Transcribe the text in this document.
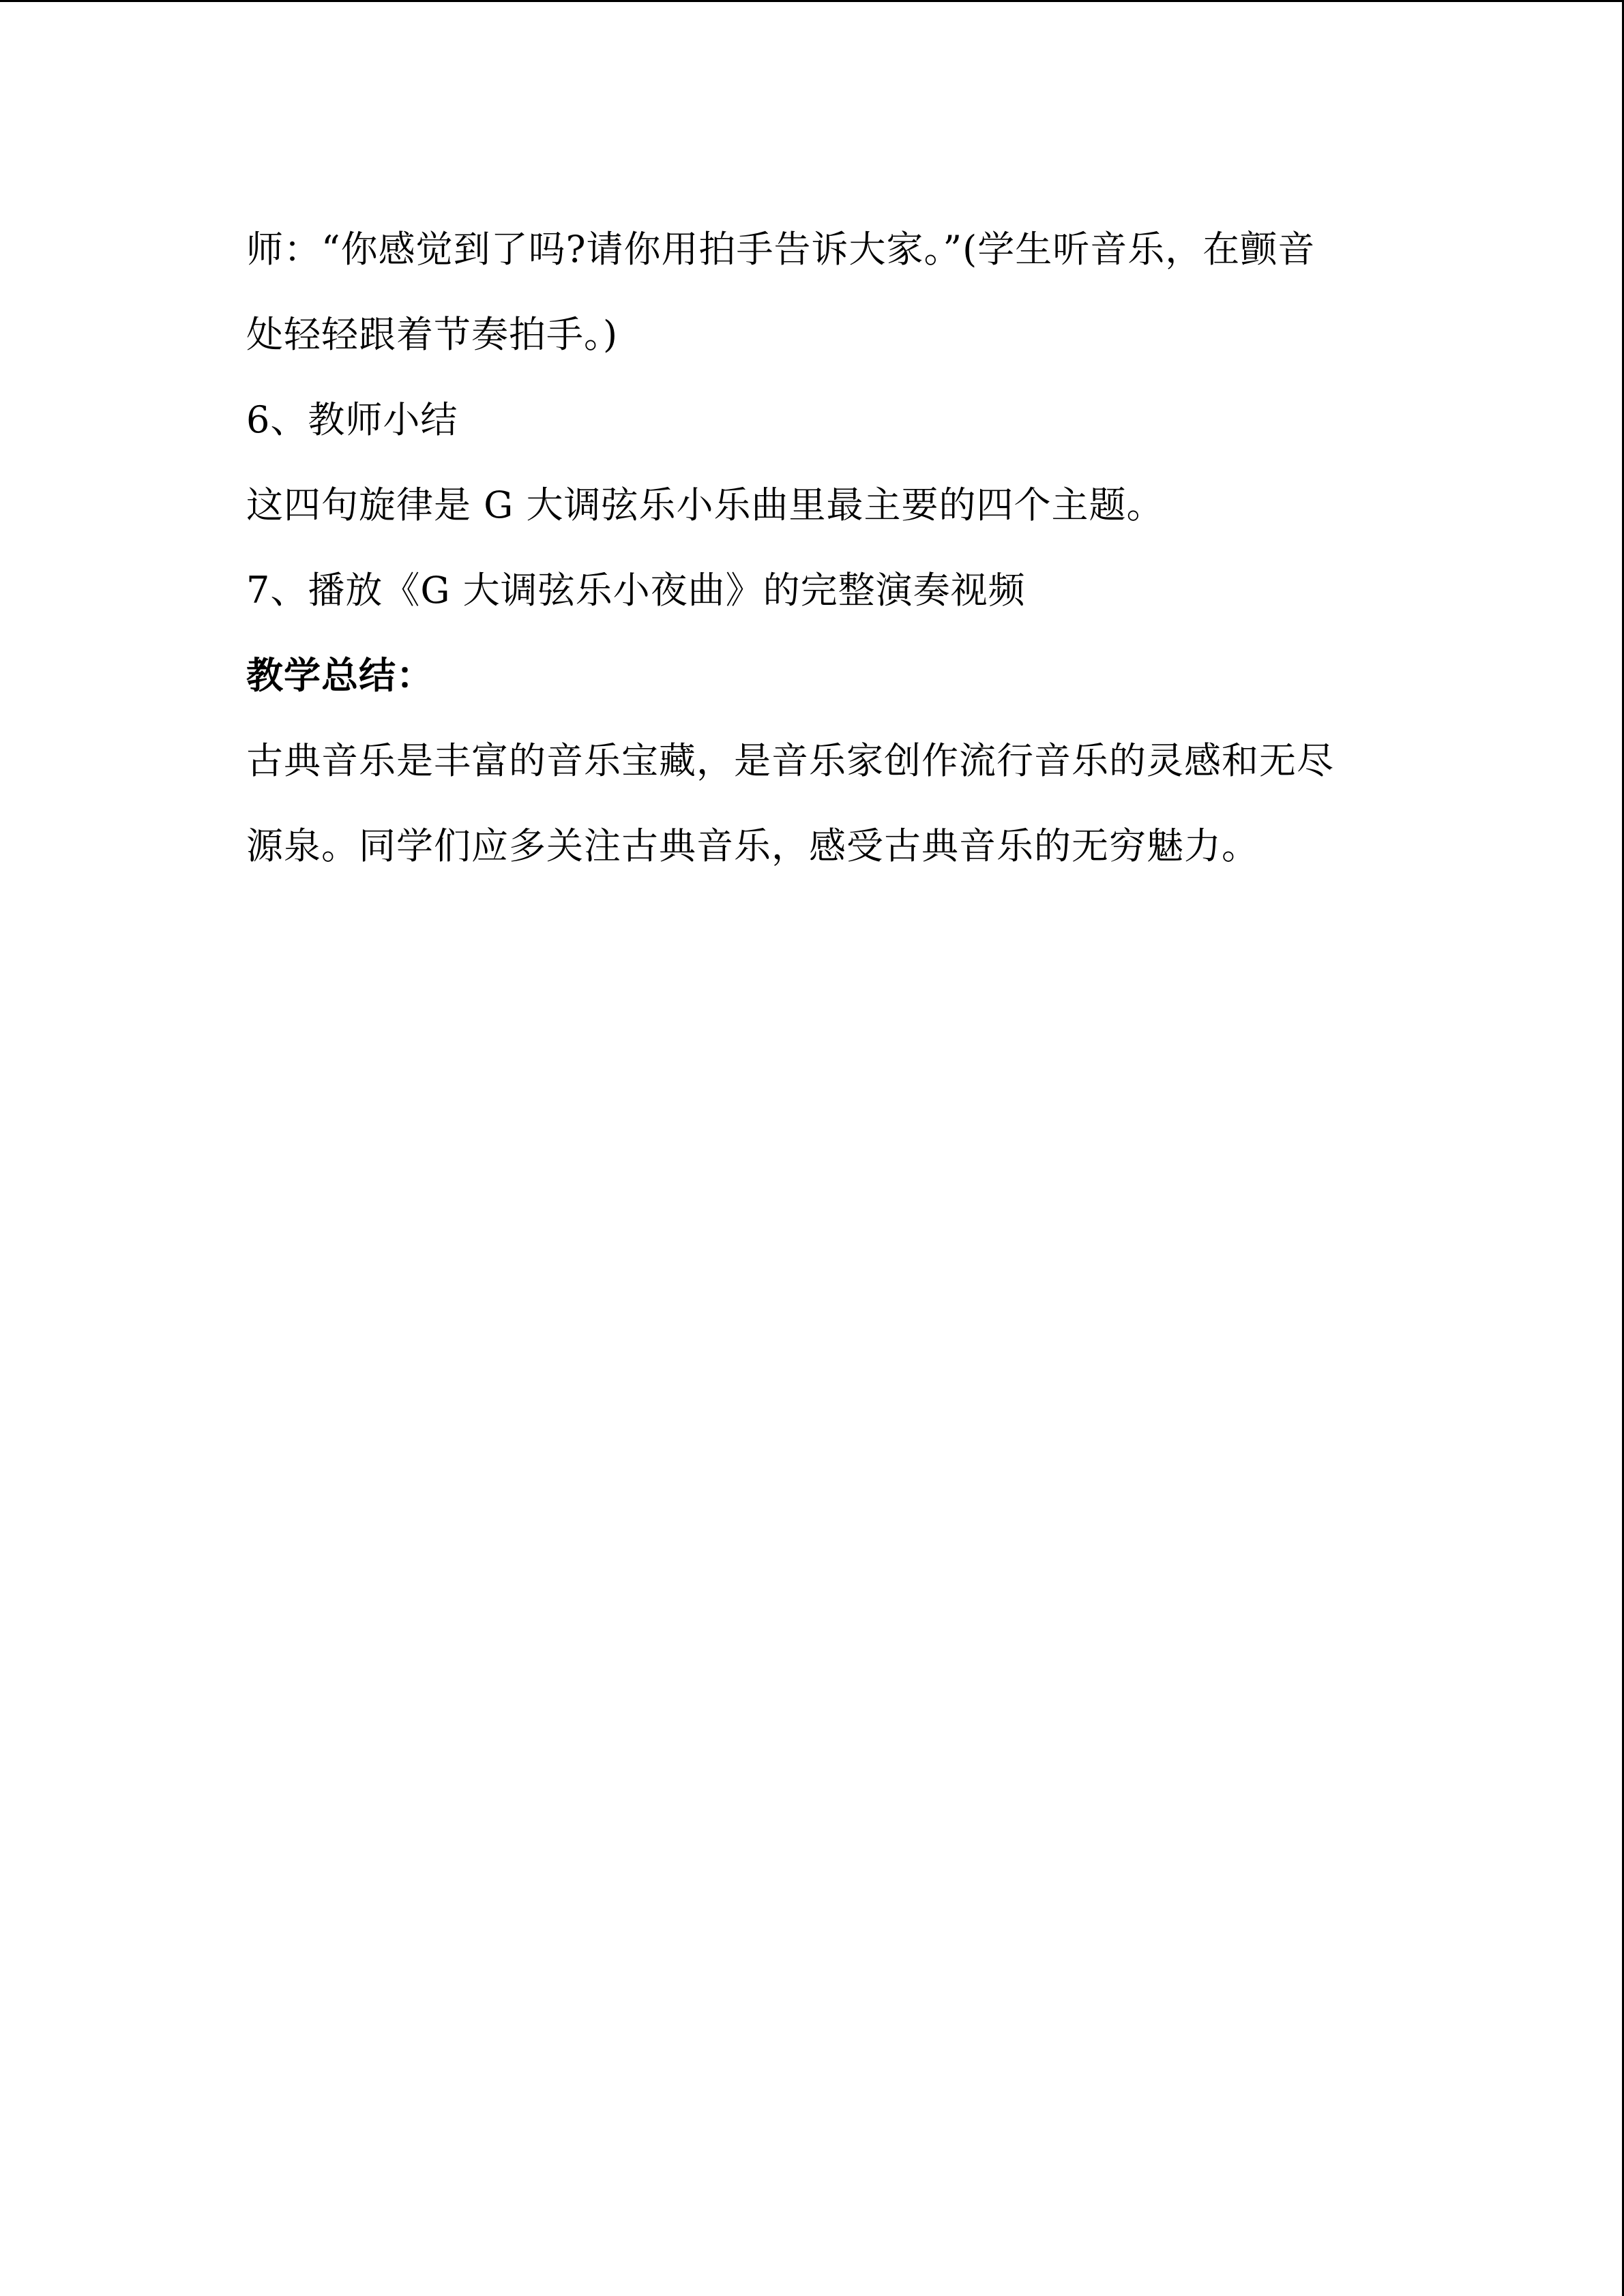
师：“你感觉到了吗?请你用拍手告诉大家。”(学生听音乐，在颤音
处轻轻跟着节奏拍手。)
6、教师小结
这四句旋律是 G 大调弦乐小乐曲里最主要的四个主题。
7、播放《G 大调弦乐小夜曲》的完整演奏视频
教学总结：
古典音乐是丰富的音乐宝藏，是音乐家创作流行音乐的灵感和无尽
源泉。同学们应多关注古典音乐，感受古典音乐的无穷魅力。
